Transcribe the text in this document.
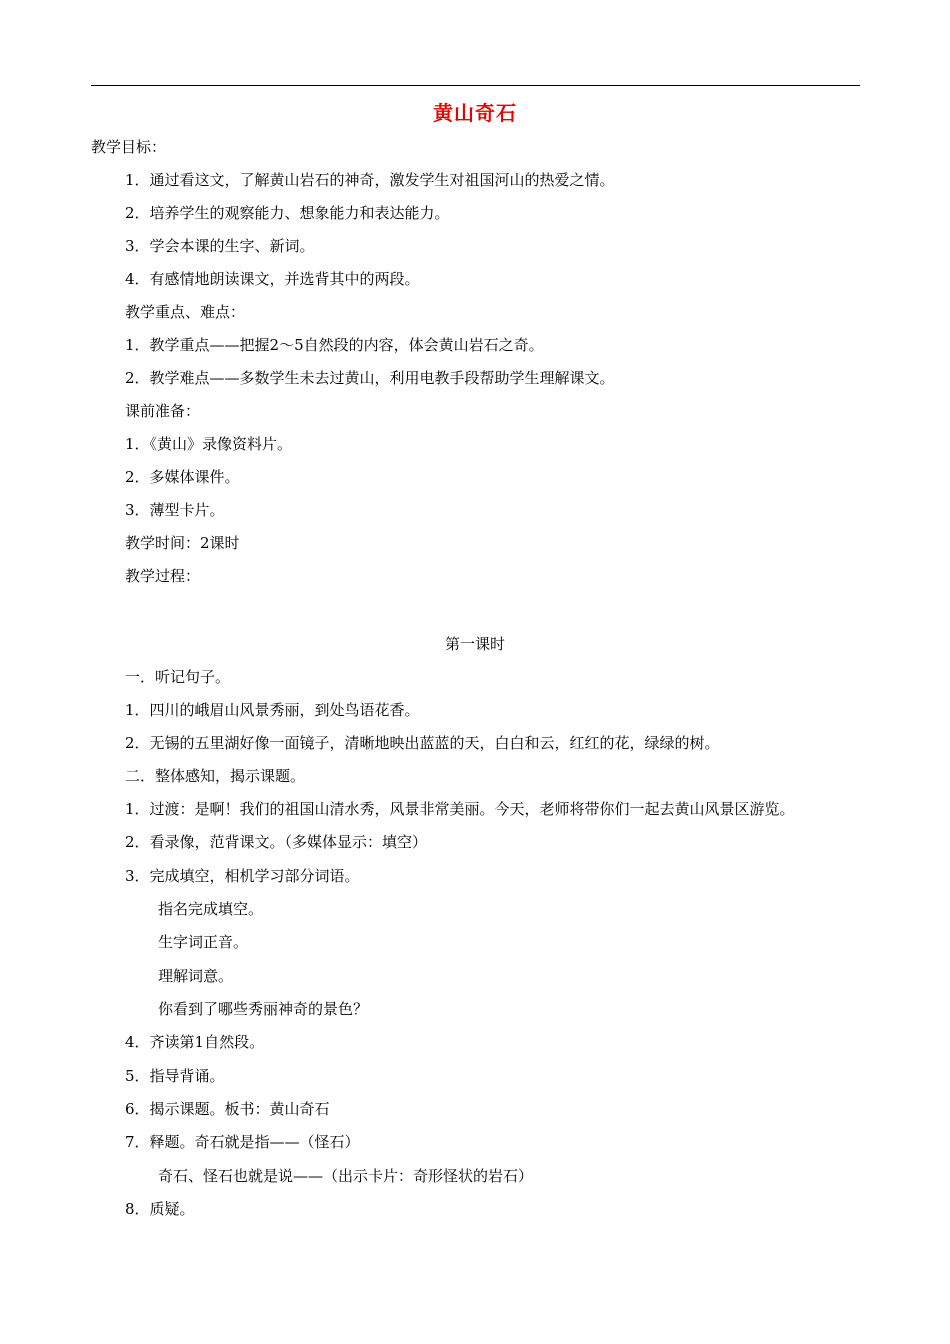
黄山奇石
教学目标：
1．通过看这文，了解黄山岩石的神奇，激发学生对祖国河山的热爱之情。
2．培养学生的观察能力、想象能力和表达能力。
3．学会本课的生字、新词。
4．有感情地朗读课文，并选背其中的两段。
教学重点、难点：
1．教学重点——把握2～5自然段的内容，体会黄山岩石之奇。
2．教学难点——多数学生未去过黄山，利用电教手段帮助学生理解课文。
课前准备：
1．《黄山》录像资料片。
2．多媒体课件。
3．薄型卡片。
教学时间：2课时
教学过程：
第一课时
一．听记句子。
1．四川的峨眉山风景秀丽，到处鸟语花香。
2．无锡的五里湖好像一面镜子，清晰地映出蓝蓝的天，白白和云，红红的花，绿绿的树。
二．整体感知，揭示课题。
1．过渡：是啊！我们的祖国山清水秀，风景非常美丽。今天，老师将带你们一起去黄山风景区游览。
2．看录像，范背课文。（多媒体显示：填空）
3．完成填空，相机学习部分词语。
指名完成填空。
生字词正音。
理解词意。
你看到了哪些秀丽神奇的景色？
4．齐读第1自然段。
5．指导背诵。
6．揭示课题。板书：黄山奇石
7．释题。奇石就是指——（怪石）
奇石、怪石也就是说——（出示卡片：奇形怪状的岩石）
8．质疑。
